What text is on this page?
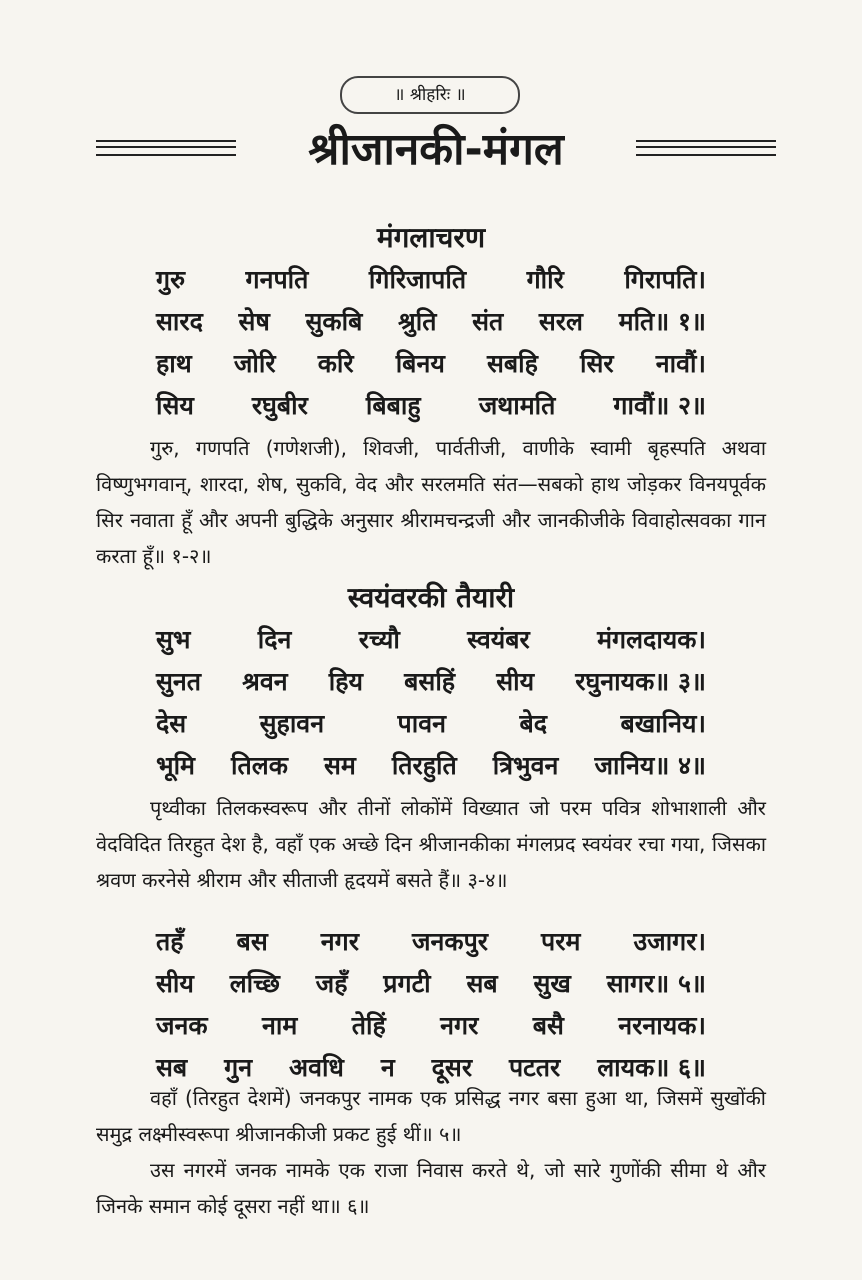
॥ श्रीहरिः ॥
श्रीजानकी-मंगल
मंगलाचरण
गुरु गनपति गिरिजापति गौरि गिरापति।
सारद सेष सुकबि श्रुति संत सरल मति॥ १॥
हाथ जोरि करि बिनय सबहि सिर नावौं।
सिय रघुबीर बिबाहु जथामति गावौं॥ २॥

गुरु, गणपति (गणेशजी), शिवजी, पार्वतीजी, वाणीके स्वामी बृहस्पति अथवा विष्णुभगवान्, शारदा, शेष, सुकवि, वेद और सरलमति संत—सबको हाथ जोड़कर विनयपूर्वक सिर नवाता हूँ और अपनी बुद्धिके अनुसार श्रीरामचन्द्रजी और जानकीजीके विवाहोत्सवका गान करता हूँ॥ १-२॥

स्वयंवरकी तैयारी
सुभ	दिन	रच्यौ	स्वयंबर	मंगलदायक।
सुनत श्रवन हिय बसहिं सीय रघुनायक॥ ३॥
देस	सुहावन	पावन	बेद	बखानिय।
भूमि तिलक सम तिरहुति त्रिभुवन जानिय॥ ४॥

पृथ्वीका तिलकस्वरूप और तीनों लोकोंमें विख्यात जो परम पवित्र शोभाशाली और वेदविदित तिरहुत देश है, वहाँ एक अच्छे दिन श्रीजानकीका मंगलप्रद स्वयंवर रचा गया, जिसका श्रवण करनेसे श्रीराम और सीताजी हृदयमें बसते हैं॥ ३-४॥

तहँ बस नगर जनकपुर परम उजागर।
सीय लच्छि जहँ प्रगटी सब सुख सागर॥ ५॥
जनक नाम तेहिं नगर बसै नरनायक।
सब गुन अवधि न दूसर पटतर लायक॥ ६॥

वहाँ (तिरहुत देशमें) जनकपुर नामक एक प्रसिद्ध नगर बसा हुआ था, जिसमें सुखोंकी समुद्र लक्ष्मीस्वरूपा श्रीजानकीजी प्रकट हुई थीं॥ ५॥

उस नगरमें जनक नामके एक राजा निवास करते थे, जो सारे गुणोंकी सीमा थे और जिनके समान कोई दूसरा नहीं था॥ ६॥
